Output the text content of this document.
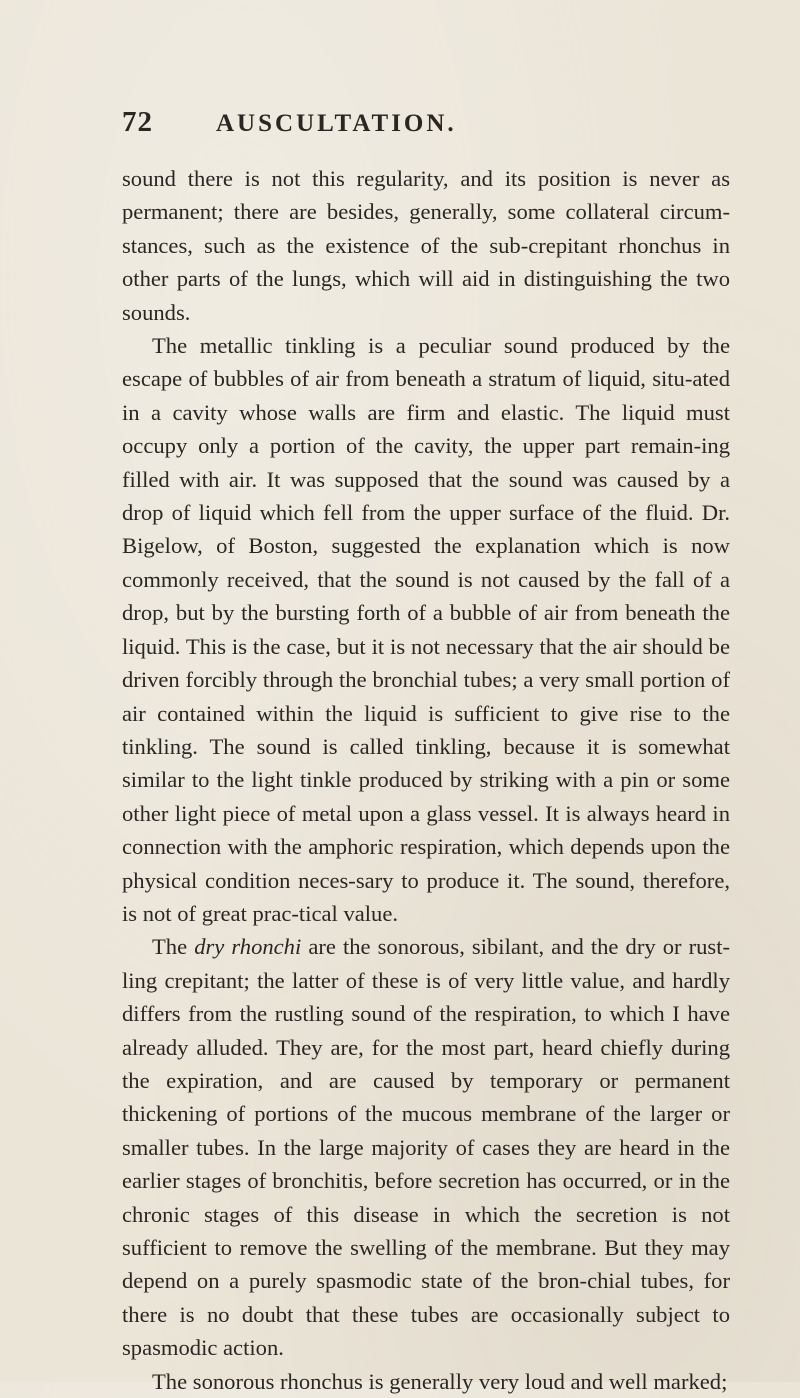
72	AUSCULTATION.

sound there is not this regularity, and its position is never as permanent; there are besides, generally, some collateral circum-stances, such as the existence of the sub-crepitant rhonchus in other parts of the lungs, which will aid in distinguishing the two sounds.

The metallic tinkling is a peculiar sound produced by the escape of bubbles of air from beneath a stratum of liquid, situ-ated in a cavity whose walls are firm and elastic. The liquid must occupy only a portion of the cavity, the upper part remain-ing filled with air. It was supposed that the sound was caused by a drop of liquid which fell from the upper surface of the fluid. Dr. Bigelow, of Boston, suggested the explanation which is now commonly received, that the sound is not caused by the fall of a drop, but by the bursting forth of a bubble of air from beneath the liquid. This is the case, but it is not necessary that the air should be driven forcibly through the bronchial tubes; a very small portion of air contained within the liquid is sufficient to give rise to the tinkling. The sound is called tinkling, because it is somewhat similar to the light tinkle produced by striking with a pin or some other light piece of metal upon a glass vessel. It is always heard in connection with the amphoric respiration, which depends upon the physical condition neces-sary to produce it. The sound, therefore, is not of great prac-tical value.

The dry rhonchi are the sonorous, sibilant, and the dry or rust-ling crepitant; the latter of these is of very little value, and hardly differs from the rustling sound of the respiration, to which I have already alluded. They are, for the most part, heard chiefly during the expiration, and are caused by temporary or permanent thickening of portions of the mucous membrane of the larger or smaller tubes. In the large majority of cases they are heard in the earlier stages of bronchitis, before secretion has occurred, or in the chronic stages of this disease in which the secretion is not sufficient to remove the swelling of the membrane. But they may depend on a purely spasmodic state of the bron-chial tubes, for there is no doubt that these tubes are occasionally subject to spasmodic action.

The sonorous rhonchus is generally very loud and well marked;
